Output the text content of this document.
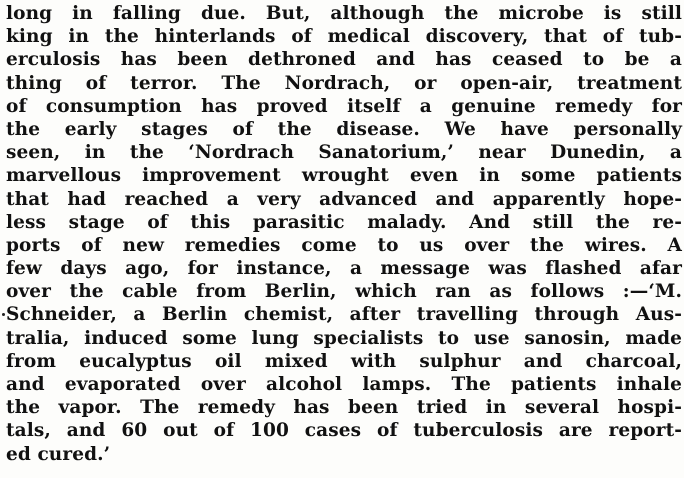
long in falling due. But, although the microbe is still
king in the hinterlands of medical discovery, that of tub-
erculosis has been dethroned and has ceased to be a
thing of terror. The Nordrach, or open-air, treatment
of consumption has proved itself a genuine remedy for
the early stages of the disease. We have personally
seen, in the ‘Nordrach Sanatorium,’ near Dunedin, a
marvellous improvement wrought even in some patients
that had reached a very advanced and apparently hope-
less stage of this parasitic malady. And still the re-
ports of new remedies come to us over the wires. A
few days ago, for instance, a message was flashed afar
over the cable from Berlin, which ran as follows :—‘M.
Schneider, a Berlin chemist, after travelling through Aus-
tralia, induced some lung specialists to use sanosin, made
from eucalyptus oil mixed with sulphur and charcoal,
and evaporated over alcohol lamps. The patients inhale
the vapor. The remedy has been tried in several hospi-
tals, and 60 out of 100 cases of tuberculosis are report-
ed cured.’
